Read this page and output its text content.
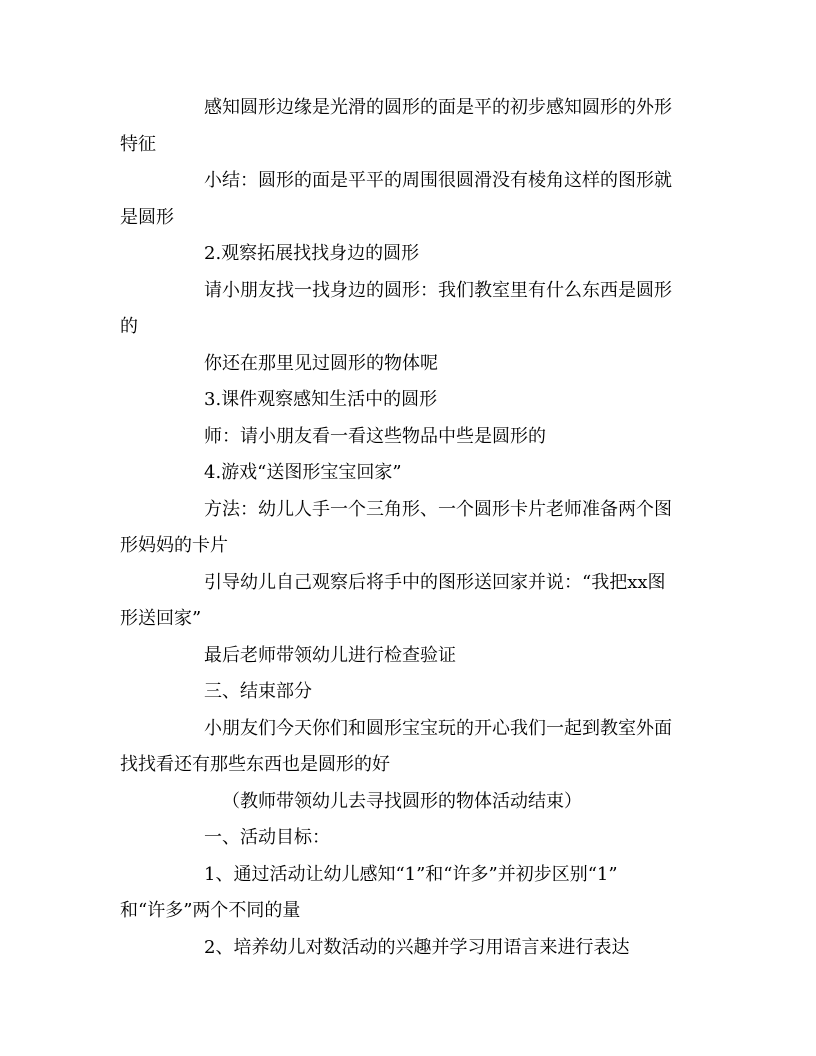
感知圆形边缘是光滑的圆形的面是平的初步感知圆形的外形
特征
小结：圆形的面是平平的周围很圆滑没有棱角这样的图形就
是圆形
2.观察拓展找找身边的圆形
请小朋友找一找身边的圆形：我们教室里有什么东西是圆形
的
你还在那里见过圆形的物体呢
3.课件观察感知生活中的圆形
师：请小朋友看一看这些物品中些是圆形的
4.游戏“送图形宝宝回家”
方法：幼儿人手一个三角形、一个圆形卡片老师准备两个图
形妈妈的卡片
引导幼儿自己观察后将手中的图形送回家并说：“我把xx图
形送回家”
最后老师带领幼儿进行检查验证
三、结束部分
小朋友们今天你们和圆形宝宝玩的开心我们一起到教室外面
找找看还有那些东西也是圆形的好
（教师带领幼儿去寻找圆形的物体活动结束）
一、活动目标：
1、通过活动让幼儿感知“1”和“许多”并初步区别“1”
和“许多”两个不同的量
2、培养幼儿对数活动的兴趣并学习用语言来进行表达
